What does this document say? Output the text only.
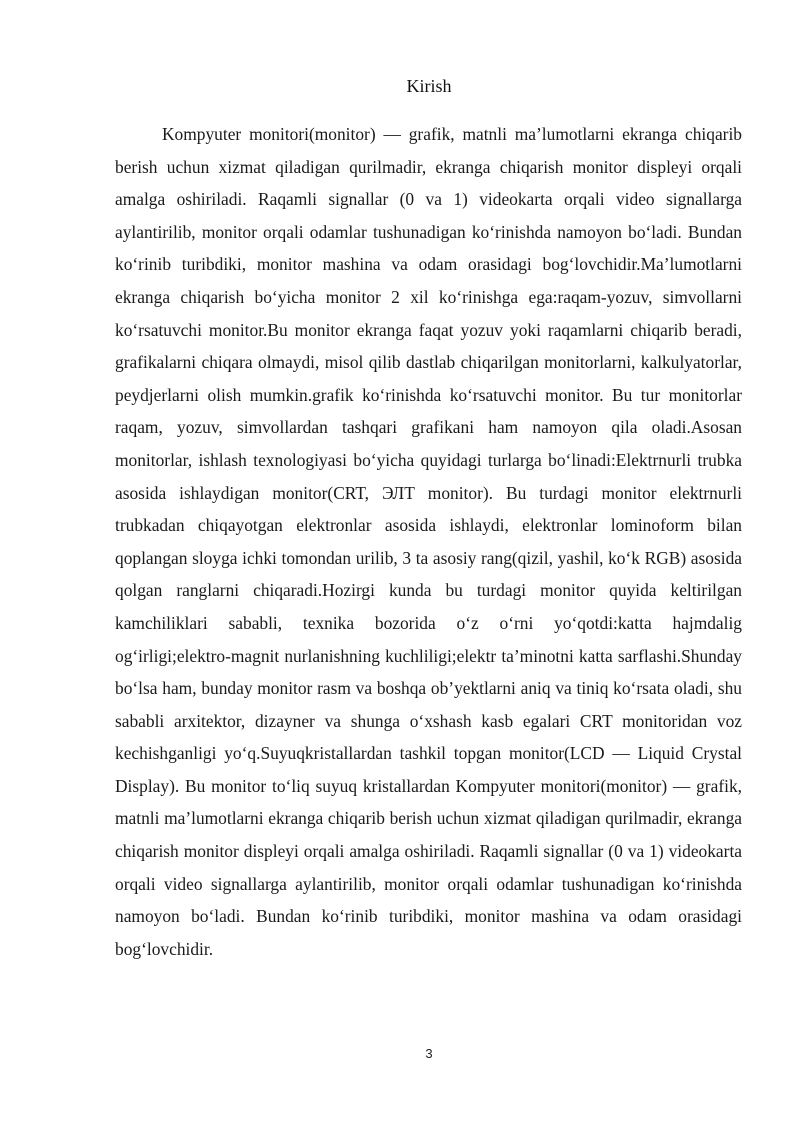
Kirish

Kompyuter monitori(monitor) — grafik, matnli ma’lumotlarni ekranga chiqarib berish uchun xizmat qiladigan qurilmadir, ekranga chiqarish monitor displeyi orqali amalga oshiriladi. Raqamli signallar (0 va 1) videokarta orqali video signallarga aylantirilib, monitor orqali odamlar tushunadigan ko‘rinishda namoyon bo‘ladi. Bundan ko‘rinib turibdiki, monitor mashina va odam orasidagi bog‘lovchidir.Ma’lumotlarni ekranga chiqarish bo‘yicha monitor 2 xil ko‘rinishga ega:raqam-yozuv, simvollarni ko‘rsatuvchi monitor.Bu monitor ekranga faqat yozuv yoki raqamlarni chiqarib beradi, grafikalarni chiqara olmaydi, misol qilib dastlab chiqarilgan monitorlarni, kalkulyatorlar, peydjerlarni olish mumkin.grafik ko‘rinishda ko‘rsatuvchi monitor. Bu tur monitorlar raqam, yozuv, simvollardan tashqari grafikani ham namoyon qila oladi.Asosan monitorlar, ishlash texnologiyasi bo‘yicha quyidagi turlarga bo‘linadi:Elektrnurli trubka asosida ishlaydigan monitor(CRT, ЭЛТ monitor). Bu turdagi monitor elektrnurli trubkadan chiqayotgan elektronlar asosida ishlaydi, elektronlar lominoform bilan qoplangan sloyga ichki tomondan urilib, 3 ta asosiy rang(qizil, yashil, ko‘k RGB) asosida qolgan ranglarni chiqaradi.Hozirgi kunda bu turdagi monitor quyida keltirilgan kamchiliklari sababli, texnika bozorida o‘z o‘rni yo‘qotdi:katta hajmdalig og‘irligi;elektro-magnit nurlanishning kuchliligi;elektr ta’minotni katta sarflashi.Shunday bo‘lsa ham, bunday monitor rasm va boshqa ob’yektlarni aniq va tiniq ko‘rsata oladi, shu sababli arxitektor, dizayner va shunga o‘xshash kasb egalari CRT monitoridan voz kechishganligi yo‘q.Suyuqkristallardan tashkil topgan monitor(LCD — Liquid Crystal Display). Bu monitor to‘liq suyuq kristallardan Kompyuter monitori(monitor) — grafik, matnli ma’lumotlarni ekranga chiqarib berish uchun xizmat qiladigan qurilmadir, ekranga chiqarish monitor displeyi orqali amalga oshiriladi. Raqamli signallar (0 va 1) videokarta orqali video signallarga aylantirilib, monitor orqali odamlar tushunadigan ko‘rinishda namoyon bo‘ladi. Bundan ko‘rinib turibdiki, monitor mashina va odam orasidagi bog‘lovchidir.

3
